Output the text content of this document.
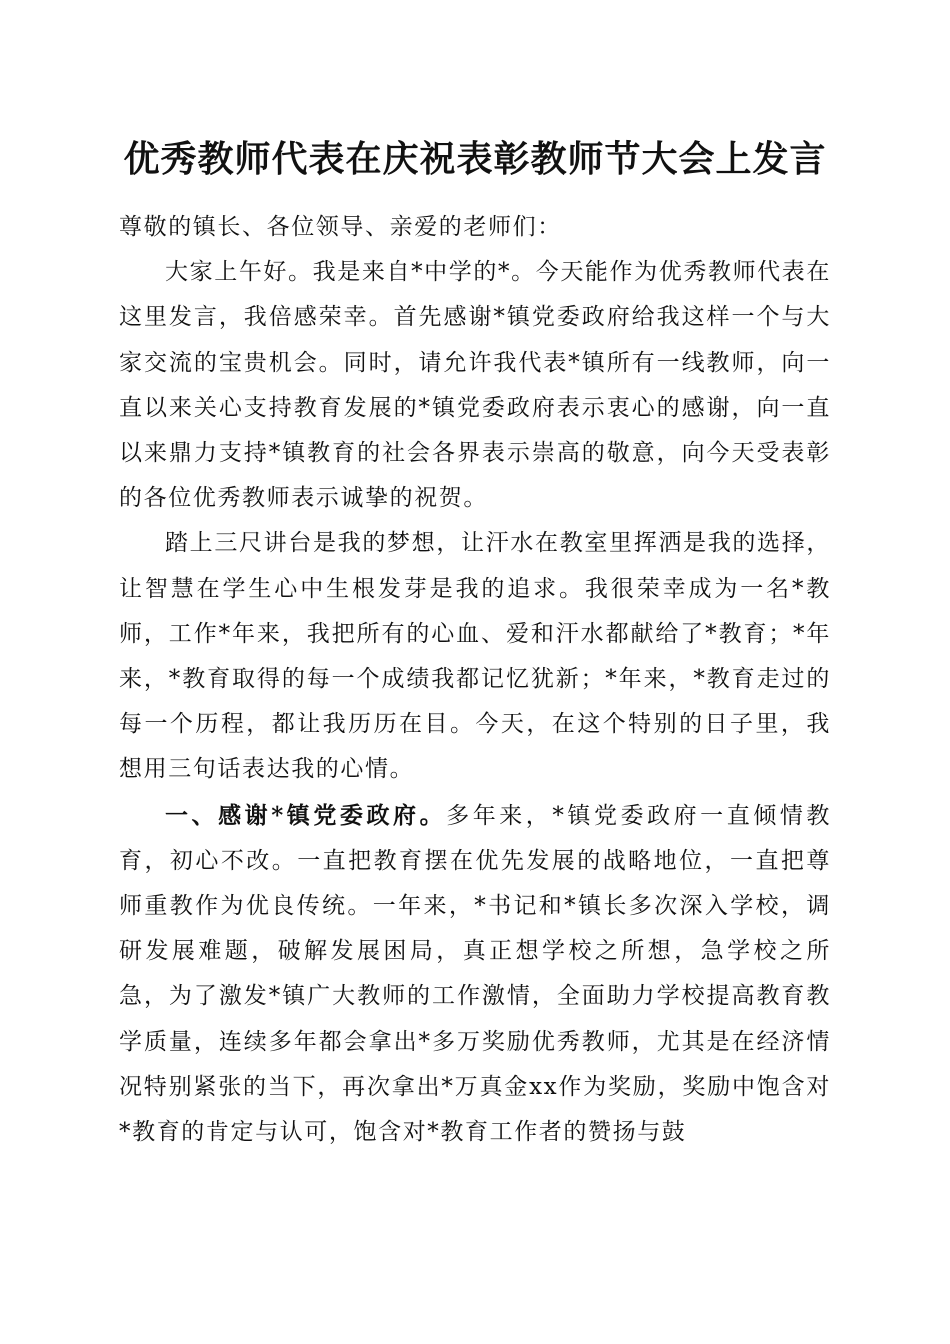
优秀教师代表在庆祝表彰教师节大会上发言

尊敬的镇长、各位领导、亲爱的老师们：

大家上午好。我是来自*中学的*。今天能作为优秀教师代表在这里发言，我倍感荣幸。首先感谢*镇党委政府给我这样一个与大家交流的宝贵机会。同时，请允许我代表*镇所有一线教师，向一直以来关心支持教育发展的*镇党委政府表示衷心的感谢，向一直以来鼎力支持*镇教育的社会各界表示崇高的敬意，向今天受表彰的各位优秀教师表示诚挚的祝贺。

踏上三尺讲台是我的梦想，让汗水在教室里挥洒是我的选择，让智慧在学生心中生根发芽是我的追求。我很荣幸成为一名*教师，工作*年来，我把所有的心血、爱和汗水都献给了*教育；*年来，*教育取得的每一个成绩我都记忆犹新；*年来，*教育走过的每一个历程，都让我历历在目。今天，在这个特别的日子里，我想用三句话表达我的心情。

一、感谢*镇党委政府。多年来，*镇党委政府一直倾情教育，初心不改。一直把教育摆在优先发展的战略地位，一直把尊师重教作为优良传统。一年来，*书记和*镇长多次深入学校，调研发展难题，破解发展困局，真正想学校之所想，急学校之所急，为了激发*镇广大教师的工作激情，全面助力学校提高教育教学质量，连续多年都会拿出*多万奖励优秀教师，尤其是在经济情况特别紧张的当下，再次拿出*万真金xx作为奖励，奖励中饱含对*教育的肯定与认可，饱含对*教育工作者的赞扬与鼓
